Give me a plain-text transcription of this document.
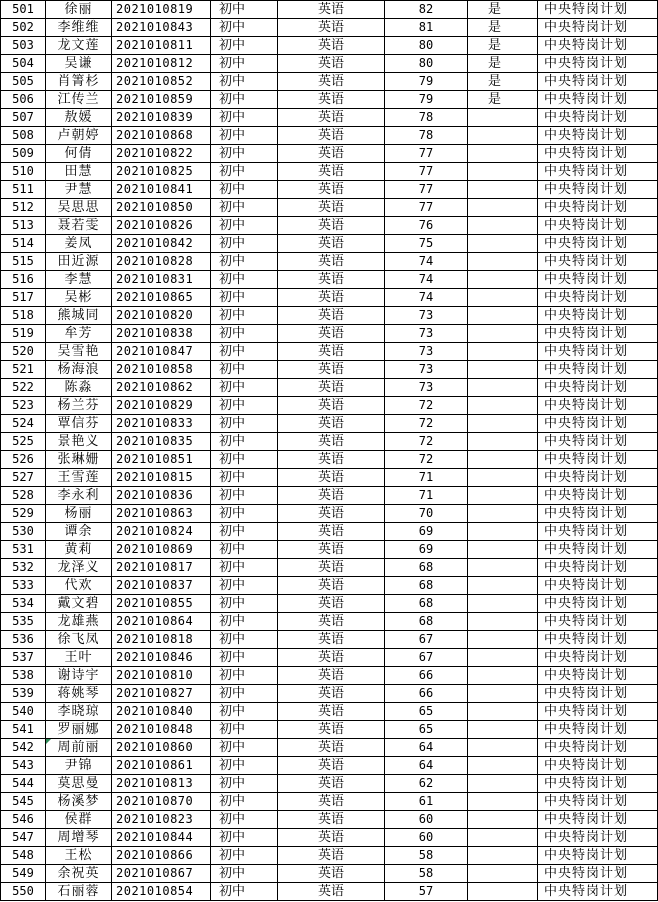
501	徐丽	2021010819	初中	英语	82	是	中央特岗计划
502	李维维	2021010843	初中	英语	81	是	中央特岗计划
503	龙文莲	2021010811	初中	英语	80	是	中央特岗计划
504	吴谦	2021010812	初中	英语	80	是	中央特岗计划
505	肖箐杉	2021010852	初中	英语	79	是	中央特岗计划
506	江传兰	2021010859	初中	英语	79	是	中央特岗计划
507	敖媛	2021010839	初中	英语	78		中央特岗计划
508	卢朝婷	2021010868	初中	英语	78		中央特岗计划
509	何倩	2021010822	初中	英语	77		中央特岗计划
510	田慧	2021010825	初中	英语	77		中央特岗计划
511	尹慧	2021010841	初中	英语	77		中央特岗计划
512	吴思思	2021010850	初中	英语	77		中央特岗计划
513	聂若雯	2021010826	初中	英语	76		中央特岗计划
514	姜凤	2021010842	初中	英语	75		中央特岗计划
515	田近源	2021010828	初中	英语	74		中央特岗计划
516	李慧	2021010831	初中	英语	74		中央特岗计划
517	吴彬	2021010865	初中	英语	74		中央特岗计划
518	熊城同	2021010820	初中	英语	73		中央特岗计划
519	牟芳	2021010838	初中	英语	73		中央特岗计划
520	吴雪艳	2021010847	初中	英语	73		中央特岗计划
521	杨海浪	2021010858	初中	英语	73		中央特岗计划
522	陈淼	2021010862	初中	英语	73		中央特岗计划
523	杨兰芬	2021010829	初中	英语	72		中央特岗计划
524	覃信芬	2021010833	初中	英语	72		中央特岗计划
525	景艳义	2021010835	初中	英语	72		中央特岗计划
526	张琳姗	2021010851	初中	英语	72		中央特岗计划
527	王雪莲	2021010815	初中	英语	71		中央特岗计划
528	李永利	2021010836	初中	英语	71		中央特岗计划
529	杨丽	2021010863	初中	英语	70		中央特岗计划
530	谭余	2021010824	初中	英语	69		中央特岗计划
531	黄莉	2021010869	初中	英语	69		中央特岗计划
532	龙泽义	2021010817	初中	英语	68		中央特岗计划
533	代欢	2021010837	初中	英语	68		中央特岗计划
534	戴文碧	2021010855	初中	英语	68		中央特岗计划
535	龙雄燕	2021010864	初中	英语	68		中央特岗计划
536	徐飞凤	2021010818	初中	英语	67		中央特岗计划
537	王叶	2021010846	初中	英语	67		中央特岗计划
538	谢诗宇	2021010810	初中	英语	66		中央特岗计划
539	蒋姚琴	2021010827	初中	英语	66		中央特岗计划
540	李晓琼	2021010840	初中	英语	65		中央特岗计划
541	罗丽娜	2021010848	初中	英语	65		中央特岗计划
542	周前丽	2021010860	初中	英语	64		中央特岗计划
543	尹锦	2021010861	初中	英语	64		中央特岗计划
544	莫思曼	2021010813	初中	英语	62		中央特岗计划
545	杨溪梦	2021010870	初中	英语	61		中央特岗计划
546	侯群	2021010823	初中	英语	60		中央特岗计划
547	周增琴	2021010844	初中	英语	60		中央特岗计划
548	王松	2021010866	初中	英语	58		中央特岗计划
549	余祝英	2021010867	初中	英语	58		中央特岗计划
550	石丽蓉	2021010854	初中	英语	57		中央特岗计划
